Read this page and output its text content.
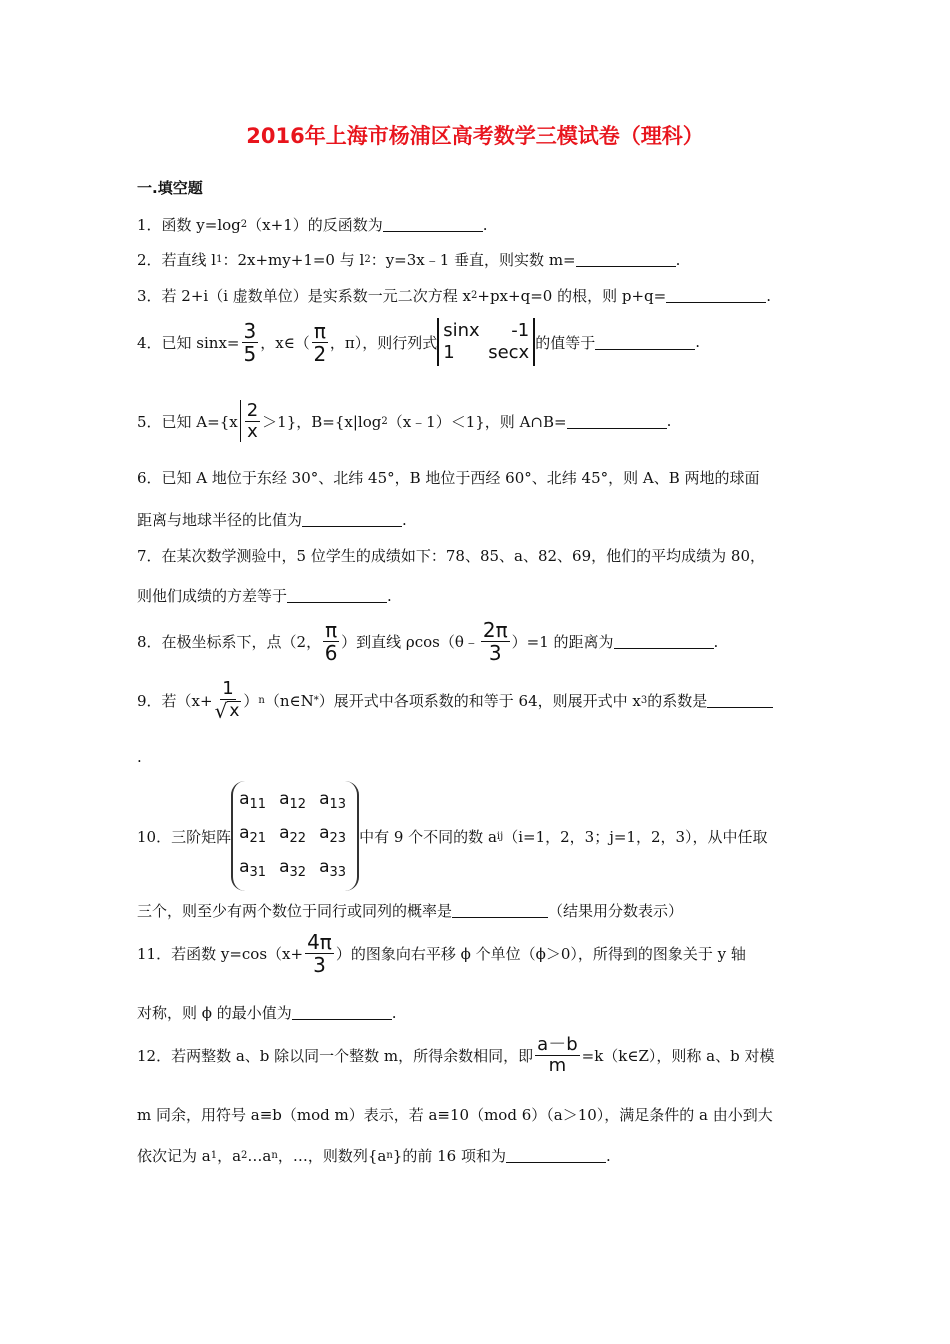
2016年上海市杨浦区高考数学三模试卷（理科）
一.填空题
1．函数 y=log 2 （x+1）的反函数为	.
2．若直线 l 1 ：2x+my+1=0 与 l 2 ：y=3x﹣1 垂直，则实数 m=	.
3．若 2+i（i 虚数单位）是实系数一元二次方程 x 2 +px+q=0 的根，则 p+q=	.
4．已知 $\sin x= \frac{3}{5}$ ，x∈（ $\frac{\pi}{2}$ ，π），则行列式
sinx -1
1 secx 的值等于	.
5．已知 $A=\{x \frac{2}{x} >1\}$，B={x|log 2 （x﹣1）＜1}，则 A∩B=	.
6．已知 A 地位于东经 30°、北纬 45°，B 地位于西经 60°、北纬 45°，则 A、B 两地的球面
距离与地球半径的比值为	.
7．在某次数学测验中，5 位学生的成绩如下：78、85、a、82、69，他们的平均成绩为 80，
则他们成绩的方差等于	.
8．在极坐标系下，点（2， $\frac{\pi}{6}$ ）到直线 ρcos（θ﹣ $\frac{2\pi}{3} )=1$ 的距离为	.
9．若（$x+ \frac{1}{√ x}$ ） n （n∈N * ）展开式中各项系数的和等于 64，则展开式中 x 3 的系数是
.
10．三阶矩阵
$a_{11}$ $a_{12}$ $a_{13}$
$a_{21}$ $a_{22}$ $a_{23}$
$a_{31}$ $a_{32}$ $a_{33}$
中有 9 个不同的数 a ij （i=1，2，3；j=1，2，3），从中任取
三个，则至少有两个数位于同行或同列的概率是	（结果用分数表示）
11．若函数 $y=\cos(x+ \frac{4\pi}{3}$ ）的图象向右平移 ϕ 个单位（ϕ＞0），所得到的图象关于 y 轴
对称，则 ϕ 的最小值为	.
12．若两整数 a、b 除以同一个整数 m，所得余数相同，即 $\frac{a-b}{m}$ =k（k∈Z），则称 a、b 对模
m 同余，用符号 a≡b（mod m）表示，若 a≡10（mod 6）（a＞10），满足条件的 a 由小到大
依次记为 a 1 ，a 2 …a n ，…，则数列{a n }的前 16 项和为	.
